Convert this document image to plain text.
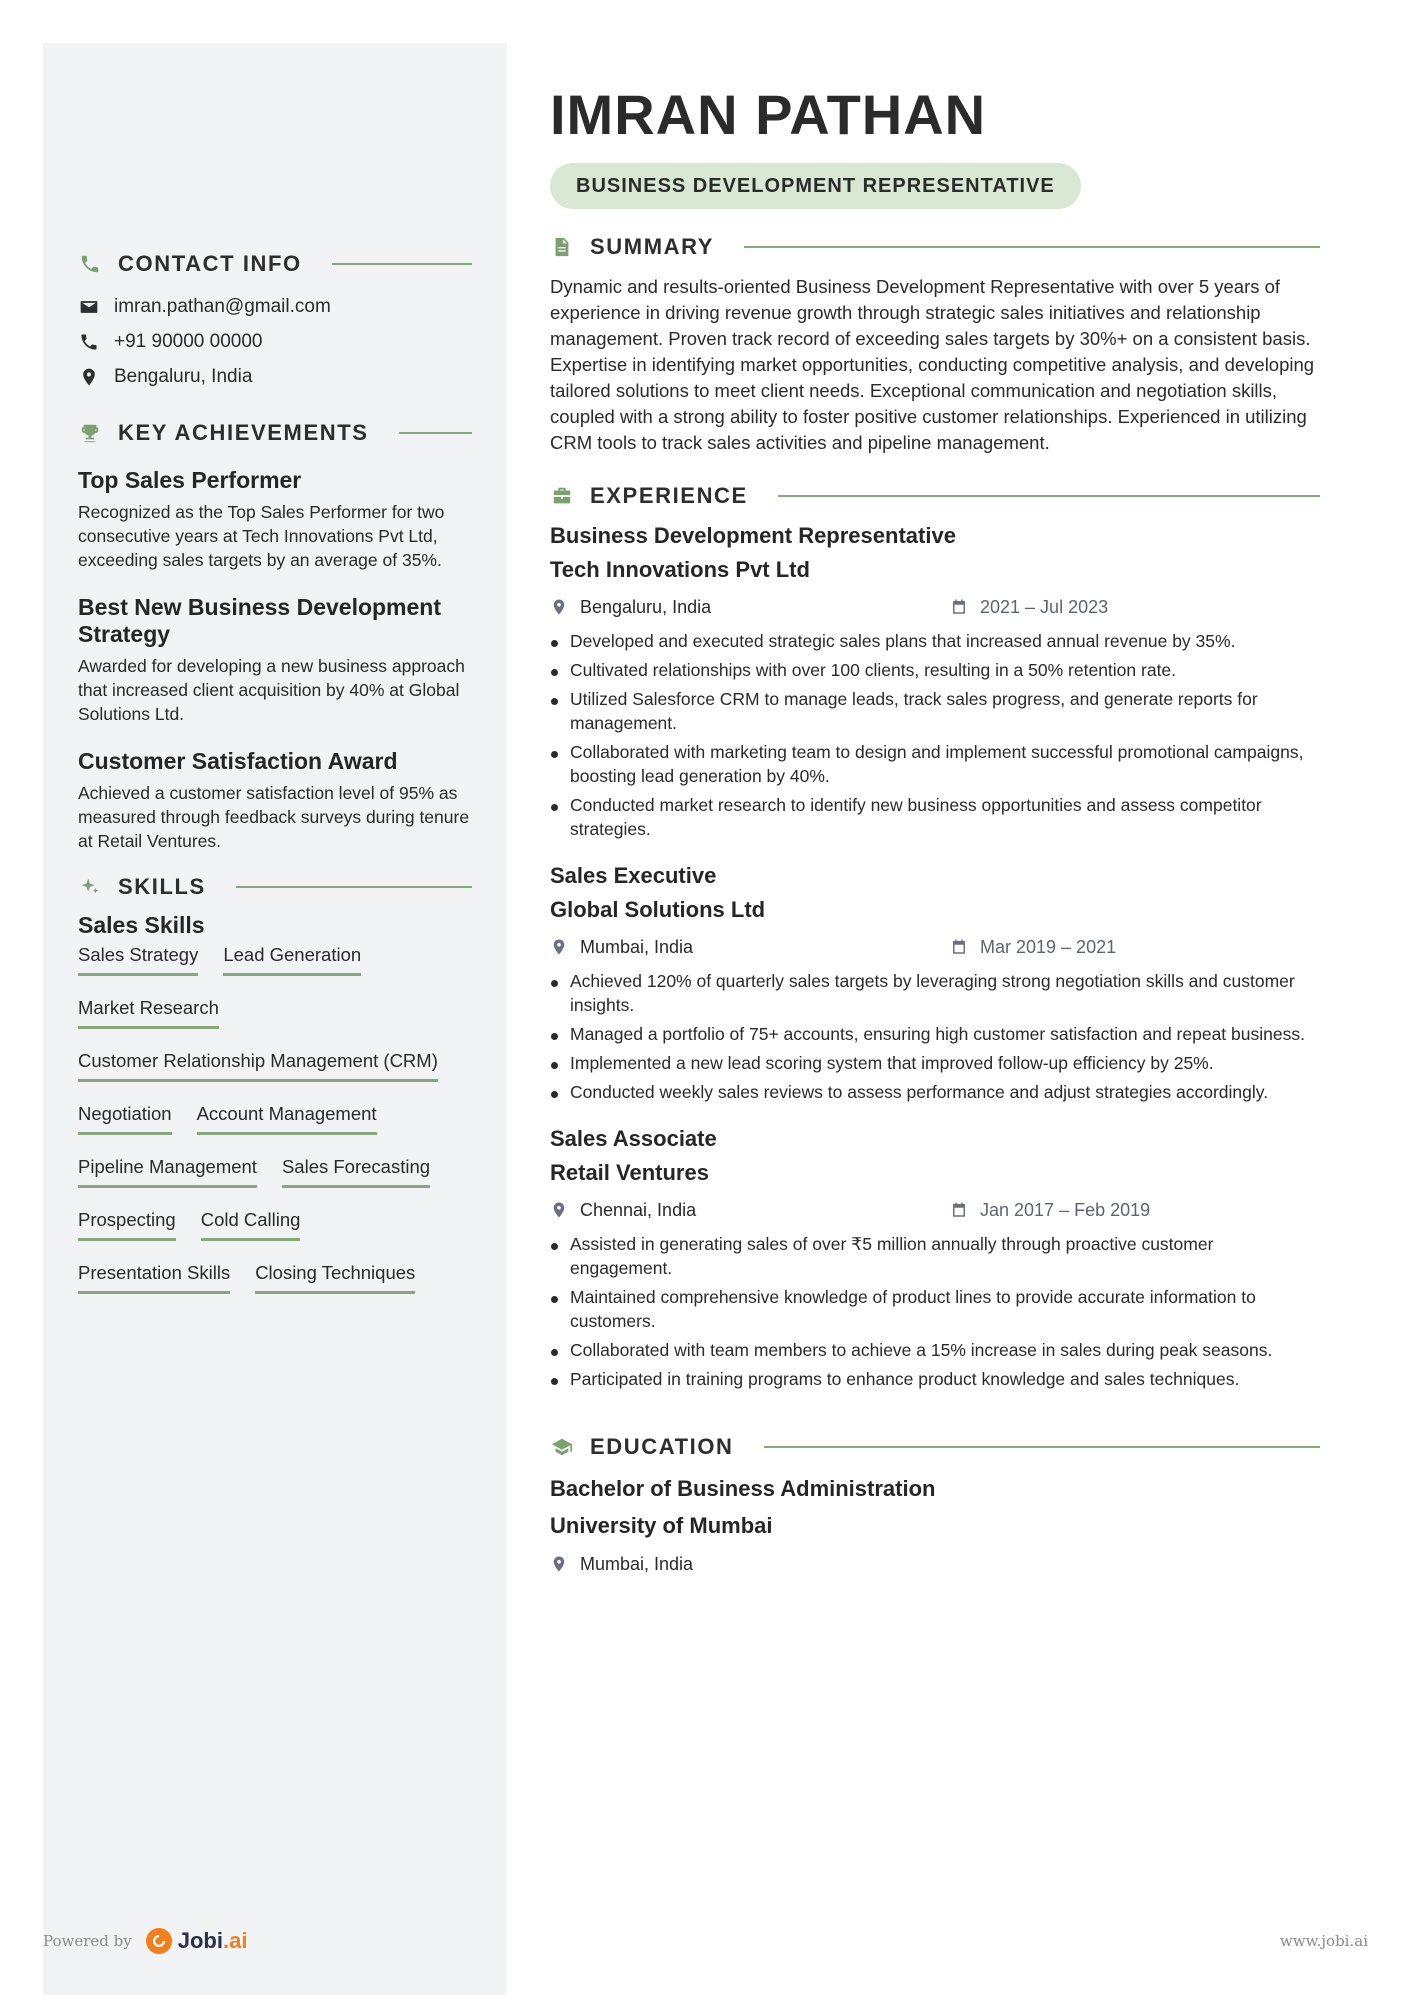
CONTACT INFO
imran.pathan@gmail.com
+91 90000 00000
Bengaluru, India
KEY ACHIEVEMENTS
Top Sales Performer
Recognized as the Top Sales Performer for two consecutive years at Tech Innovations Pvt Ltd, exceeding sales targets by an average of 35%.
Best New Business Development Strategy
Awarded for developing a new business approach that increased client acquisition by 40% at Global Solutions Ltd.
Customer Satisfaction Award
Achieved a customer satisfaction level of 95% as measured through feedback surveys during tenure at Retail Ventures.
SKILLS
Sales Skills
Sales Strategy Lead Generation
Market Research
Customer Relationship Management (CRM)
Negotiation Account Management
Pipeline Management Sales Forecasting
Prospecting Cold Calling
Presentation Skills Closing Techniques
IMRAN PATHAN
BUSINESS DEVELOPMENT REPRESENTATIVE
SUMMARY

Dynamic and results-oriented Business Development Representative with over 5 years of experience in driving revenue growth through strategic sales initiatives and relationship management. Proven track record of exceeding sales targets by 30%+ on a consistent basis. Expertise in identifying market opportunities, conducting competitive analysis, and developing tailored solutions to meet client needs. Exceptional communication and negotiation skills, coupled with a strong ability to foster positive customer relationships. Experienced in utilizing CRM tools to track sales activities and pipeline management.

EXPERIENCE
Business Development Representative
Tech Innovations Pvt Ltd
Bengaluru, India	2021 – Jul 2023
Developed and executed strategic sales plans that increased annual revenue by 35%.
Cultivated relationships with over 100 clients, resulting in a 50% retention rate.
Utilized Salesforce CRM to manage leads, track sales progress, and generate reports for management.
Collaborated with marketing team to design and implement successful promotional campaigns, boosting lead generation by 40%.
Conducted market research to identify new business opportunities and assess competitor strategies.
Sales Executive
Global Solutions Ltd
Mumbai, India	Mar 2019 – 2021
Achieved 120% of quarterly sales targets by leveraging strong negotiation skills and customer insights.
Managed a portfolio of 75+ accounts, ensuring high customer satisfaction and repeat business.
Implemented a new lead scoring system that improved follow-up efficiency by 25%.
Conducted weekly sales reviews to assess performance and adjust strategies accordingly.
Sales Associate
Retail Ventures
Chennai, India	Jan 2017 – Feb 2019
Assisted in generating sales of over ₹5 million annually through proactive customer engagement.
Maintained comprehensive knowledge of product lines to provide accurate information to customers.
Collaborated with team members to achieve a 15% increase in sales during peak seasons.
Participated in training programs to enhance product knowledge and sales techniques.
EDUCATION
Bachelor of Business Administration
University of Mumbai
Mumbai, India
Powered by Jobi.ai	www.jobi.ai
